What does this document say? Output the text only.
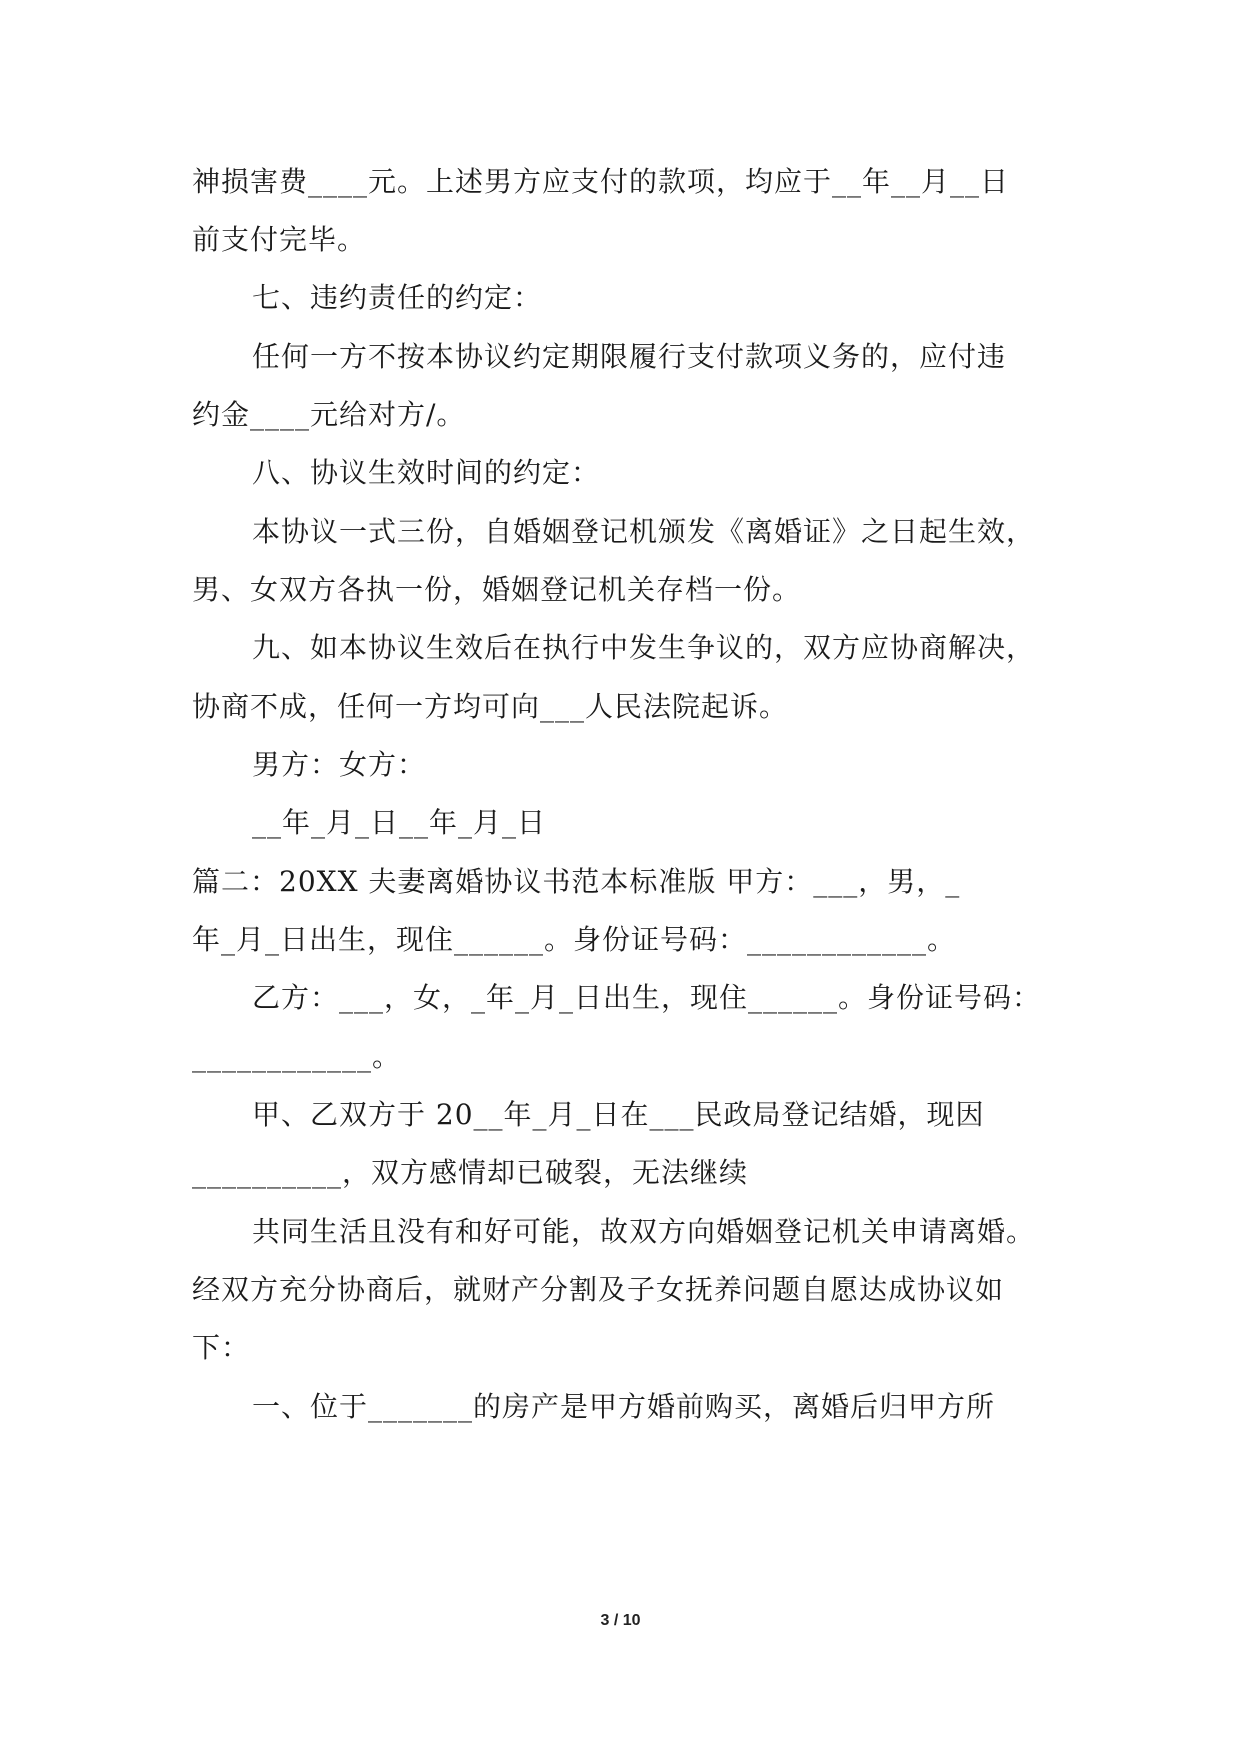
神损害费____元。上述男方应支付的款项，均应于__年__月__日
前支付完毕。
七、违约责任的约定：
任何一方不按本协议约定期限履行支付款项义务的，应付违
约金____元给对方/。
八、协议生效时间的约定：
本协议一式三份，自婚姻登记机颁发《离婚证》之日起生效，
男、女双方各执一份，婚姻登记机关存档一份。
九、如本协议生效后在执行中发生争议的，双方应协商解决，
协商不成，任何一方均可向___人民法院起诉。
男方：女方：
__年_月_日__年_月_日
篇二：20XX 夫妻离婚协议书范本标准版 甲方：___，男，_
年_月_日出生，现住______。身份证号码：____________。
乙方：___，女，_年_月_日出生，现住______。身份证号码：
____________。
甲、乙双方于 20__年_月_日在___民政局登记结婚，现因
__________，双方感情却已破裂，无法继续
共同生活且没有和好可能，故双方向婚姻登记机关申请离婚。
经双方充分协商后，就财产分割及子女抚养问题自愿达成协议如
下：
一、位于_______的房产是甲方婚前购买，离婚后归甲方所
3 / 10
